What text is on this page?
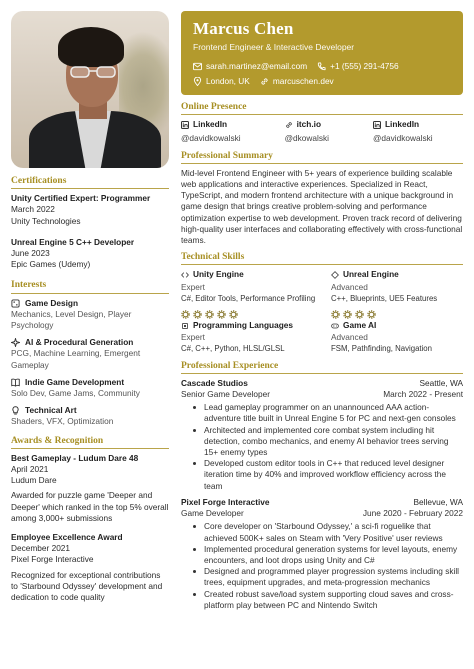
Marcus Chen
Frontend Engineer & Interactive Developer
sarah.martinez@email.com	+1 (555) 291-4756
London, UK	marcuschen.dev
Certifications
Unity Certified Expert: Programmer
March 2022
Unity Technologies
Unreal Engine 5 C++ Developer
June 2023
Epic Games (Udemy)
Interests
Game Design
Mechanics, Level Design, Player Psychology
AI & Procedural Generation
PCG, Machine Learning, Emergent Gameplay
Indie Game Development
Solo Dev, Game Jams, Community
Technical Art
Shaders, VFX, Optimization
Awards & Recognition
Best Gameplay - Ludum Dare 48
April 2021
Ludum Dare
Awarded for puzzle game 'Deeper and Deeper' which ranked in the top 5% overall among 3,000+ submissions
Employee Excellence Award
December 2021
Pixel Forge Interactive
Recognized for exceptional contributions to 'Starbound Odyssey' development and dedication to code quality
Online Presence
LinkedIn
@davidkowalski
itch.io
@dkowalski
LinkedIn
@davidkowalski
Professional Summary
Mid-level Frontend Engineer with 5+ years of experience building scalable web applications and interactive experiences. Specialized in React, TypeScript, and modern frontend architecture with a unique background in game design that brings creative problem-solving and performance optimization expertise to web development. Proven track record of delivering high-quality user interfaces and collaborating effectively with cross-functional teams.
Technical Skills
Unity Engine
Expert
C#, Editor Tools, Performance Profiling
Unreal Engine
Advanced
C++, Blueprints, UE5 Features
Programming Languages
Expert
C#, C++, Python, HLSL/GLSL
Game AI
Advanced
FSM, Pathfinding, Navigation
Professional Experience
Cascade Studios	Seattle, WA
Senior Game Developer	March 2022 - Present
Lead gameplay programmer on an unannounced AAA action-adventure title built in Unreal Engine 5 for PC and next-gen consoles
Architected and implemented core combat system including hit detection, combo mechanics, and enemy AI behavior trees serving 15+ enemy types
Developed custom editor tools in C++ that reduced level designer iteration time by 40% and improved workflow efficiency across the team
Pixel Forge Interactive	Bellevue, WA
Game Developer	June 2020 - February 2022
Core developer on 'Starbound Odyssey,' a sci-fi roguelike that achieved 500K+ sales on Steam with 'Very Positive' user reviews
Implemented procedural generation systems for level layouts, enemy encounters, and loot drops using Unity and C#
Designed and programmed player progression systems including skill trees, equipment upgrades, and meta-progression mechanics
Created robust save/load system supporting cloud saves and cross-platform play between PC and Nintendo Switch
